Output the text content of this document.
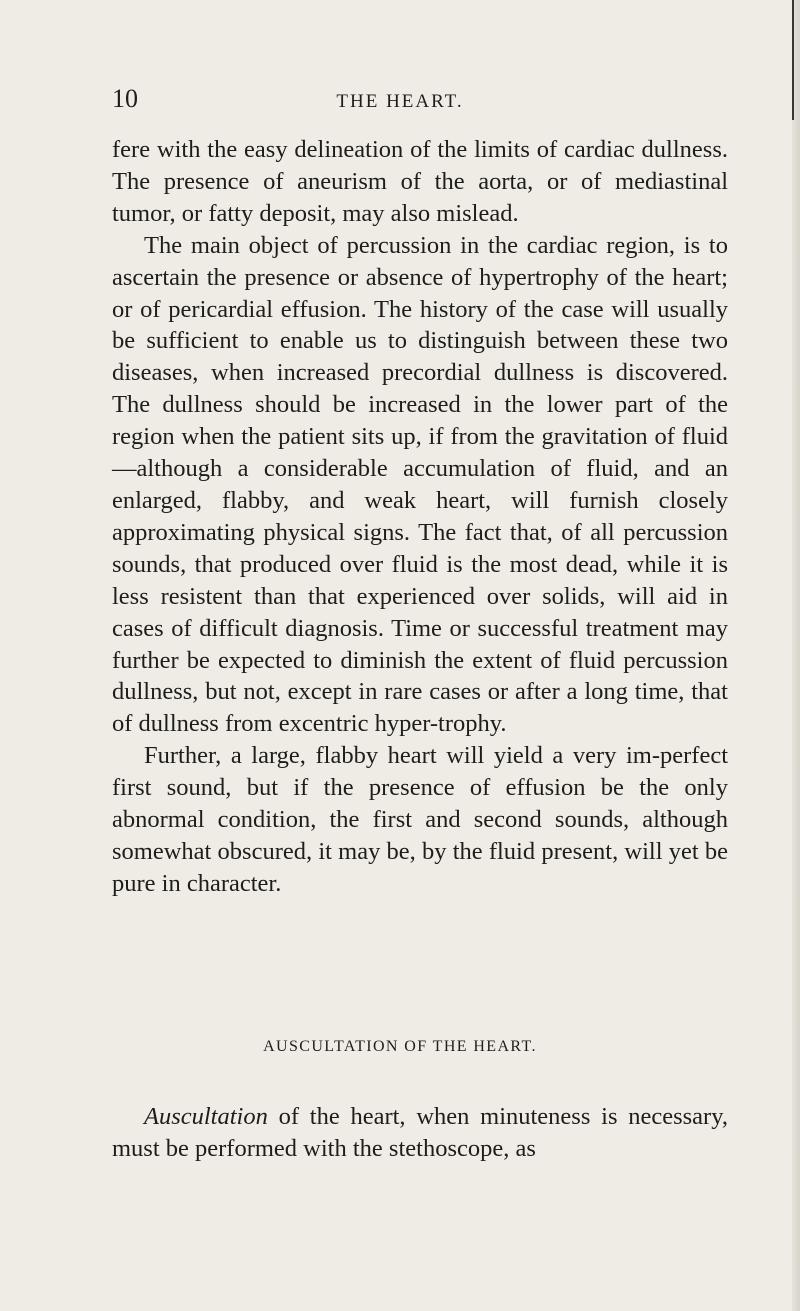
10	THE HEART.

fere with the easy delineation of the limits of cardiac dullness. The presence of aneurism of the aorta, or of mediastinal tumor, or fatty deposit, may also mislead.

The main object of percussion in the cardiac region, is to ascertain the presence or absence of hypertrophy of the heart; or of pericardial effusion. The history of the case will usually be sufficient to enable us to distinguish between these two diseases, when increased precordial dullness is discovered. The dullness should be increased in the lower part of the region when the patient sits up, if from the gravitation of fluid—although a considerable accumulation of fluid, and an enlarged, flabby, and weak heart, will furnish closely approximating physical signs. The fact that, of all percussion sounds, that produced over fluid is the most dead, while it is less resistent than that experienced over solids, will aid in cases of difficult diagnosis. Time or successful treatment may further be expected to diminish the extent of fluid percussion dullness, but not, except in rare cases or after a long time, that of dullness from excentric hyper-trophy.

Further, a large, flabby heart will yield a very im-perfect first sound, but if the presence of effusion be the only abnormal condition, the first and second sounds, although somewhat obscured, it may be, by the fluid present, will yet be pure in character.

AUSCULTATION OF THE HEART.
Auscultation of the heart, when minuteness is necessary, must be performed with the stethoscope, as
